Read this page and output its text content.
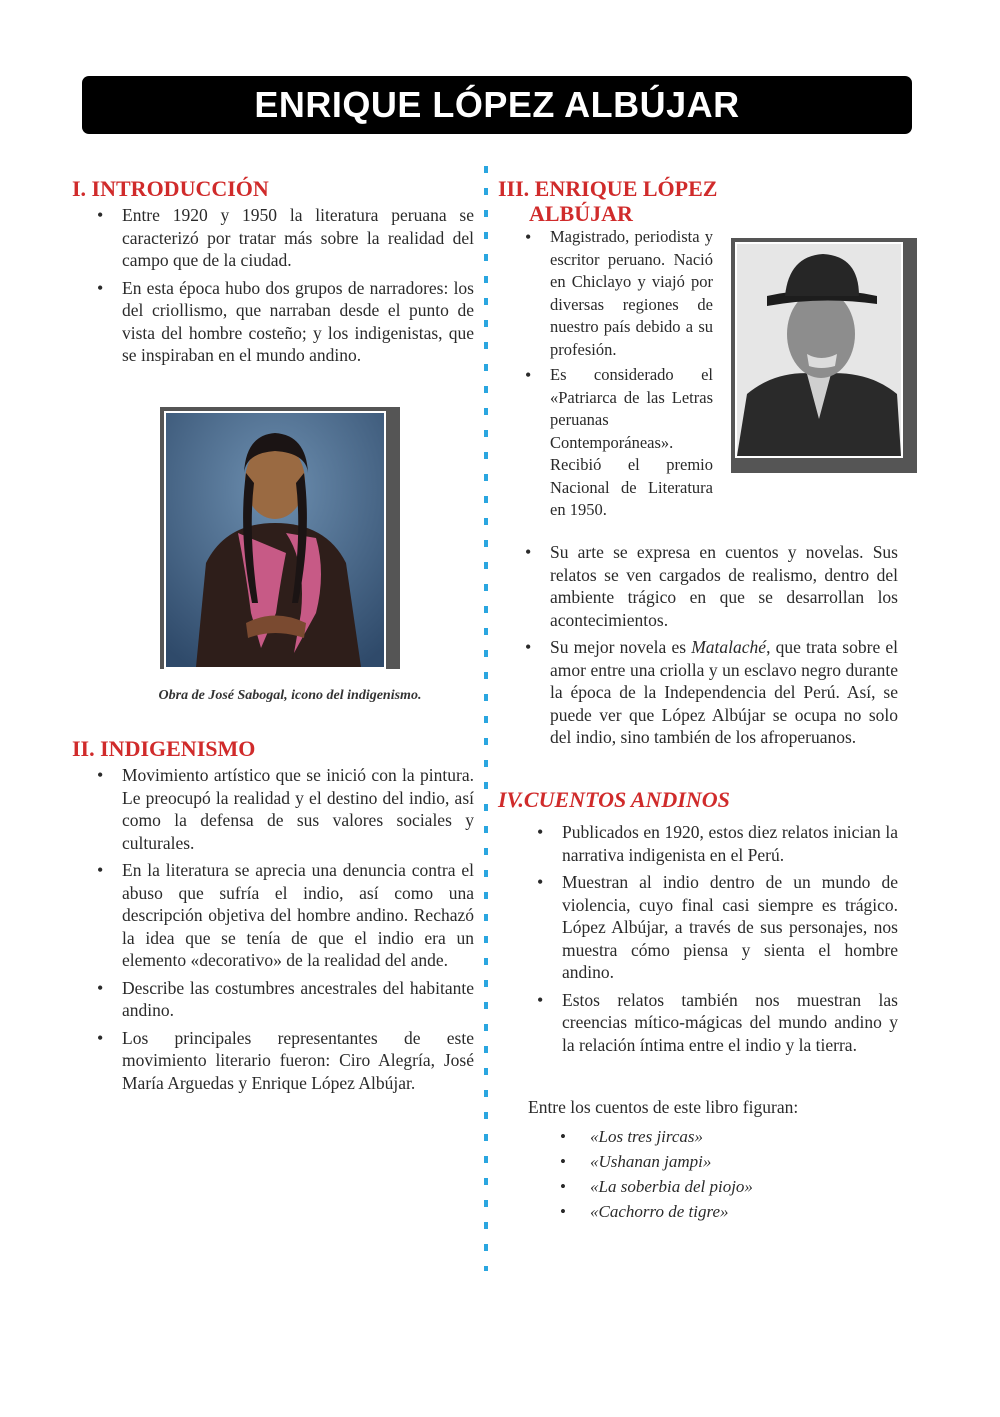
ENRIQUE LÓPEZ ALBÚJAR
I. INTRODUCCIÓN
• Entre 1920 y 1950 la literatura peruana se caracterizó por tratar más sobre la realidad del campo que de la ciudad.
• En esta época hubo dos grupos de narradores: los del criollismo, que narraban desde el punto de vista del hombre costeño; y los indigenistas, que se inspiraban en el mundo andino.
Obra de José Sabogal, icono del indigenismo.
II. INDIGENISMO
• Movimiento artístico que se inició con la pintura. Le preocupó la realidad y el destino del indio, así como la defensa de sus valores sociales y culturales.
• En la literatura se aprecia una denuncia contra el abuso que sufría el indio, así como una descripción objetiva del hombre andino. Rechazó la idea que se tenía de que el indio era un elemento «decorativo» de la realidad del ande.
• Describe las costumbres ancestrales del habitante andino.
• Los principales representantes de este movimiento literario fueron: Ciro Alegría, José María Arguedas y Enrique López Albújar.
III. ENRIQUE LÓPEZ
ALBÚJAR
• Magistrado, periodista y escritor peruano. Nació en Chiclayo y viajó por diversas regiones de nuestro país debido a su profesión.
• Es considerado el «Patriarca de las Letras peruanas Contemporáneas». Recibió el premio Nacional de Literatura en 1950.
• Su arte se expresa en cuentos y novelas. Sus relatos se ven cargados de realismo, dentro del ambiente trágico en que se desarrollan los acontecimientos.
• Su mejor novela es Matalaché, que trata sobre el amor entre una criolla y un esclavo negro durante la época de la Independencia del Perú. Así, se puede ver que López Albújar se ocupa no solo del indio, sino también de los afroperuanos.
IV.CUENTOS ANDINOS
• Publicados en 1920, estos diez relatos inician la narrativa indigenista en el Perú.
• Muestran al indio dentro de un mundo de violencia, cuyo final casi siempre es trágico. López Albújar, a través de sus personajes, nos muestra cómo piensa y sienta el hombre andino.
• Estos relatos también nos muestran las creencias mítico-mágicas del mundo andino y la relación íntima entre el indio y la tierra.
Entre los cuentos de este libro figuran:
• «Los tres jircas»
• «Ushanan jampi»
• «La soberbia del piojo»
• «Cachorro de tigre»
